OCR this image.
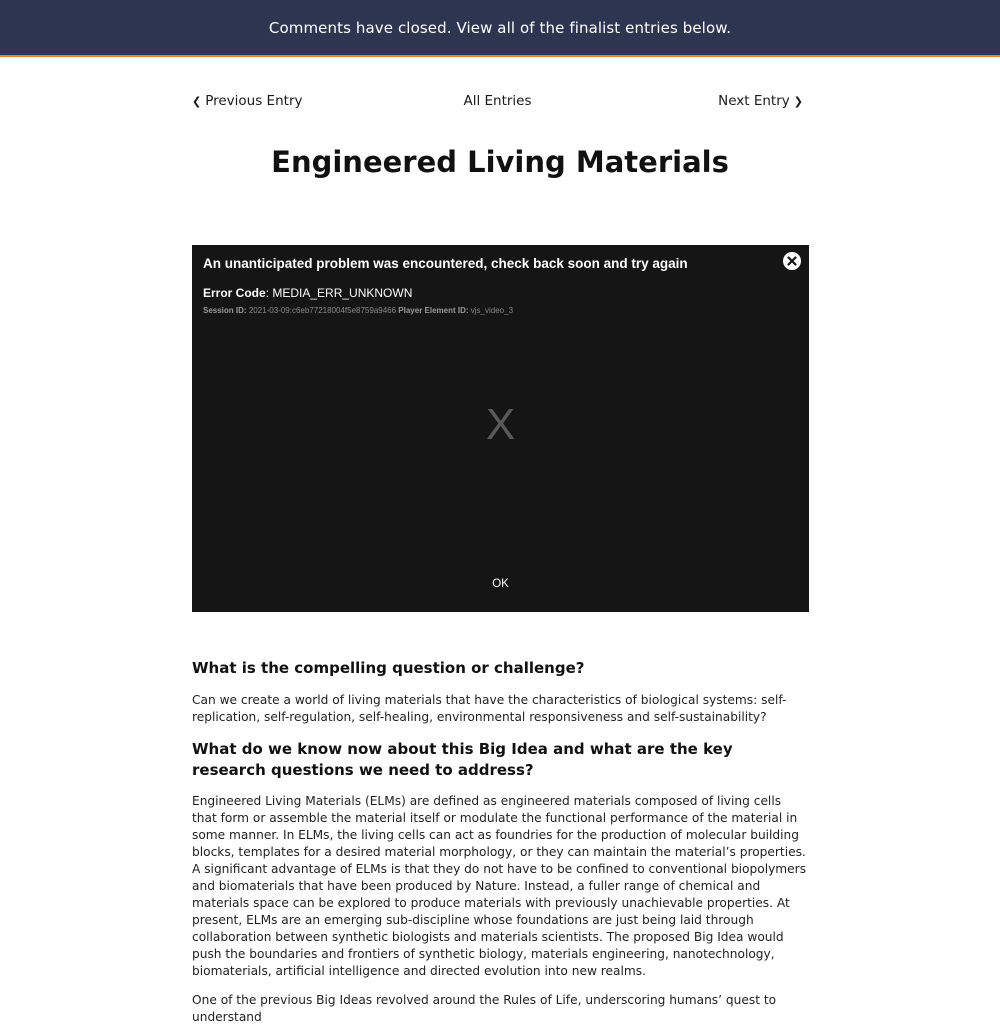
Comments have closed. View all of the finalist entries below.
❮ Previous Entry	All Entries	Next Entry ❯
Engineered Living Materials
An unanticipated problem was encountered, check back soon and try again
Error Code: MEDIA_ERR_UNKNOWN
Session ID: 2021-03-09:c6eb77218004f5e8759a9466 Player Element ID: vjs_video_3
X
OK
What is the compelling question or challenge?

Can we create a world of living materials that have the characteristics of biological systems: self-replication, self-regulation, self-healing, environmental responsiveness and self-sustainability?

What do we know now about this Big Idea and what are the key research questions we need to address?

Engineered Living Materials (ELMs) are defined as engineered materials composed of living cells that form or assemble the material itself or modulate the functional performance of the material in some manner. In ELMs, the living cells can act as foundries for the production of molecular building blocks, templates for a desired material morphology, or they can maintain the material’s properties. A significant advantage of ELMs is that they do not have to be confined to conventional biopolymers and biomaterials that have been produced by Nature. Instead, a fuller range of chemical and materials space can be explored to produce materials with previously unachievable properties. At present, ELMs are an emerging sub-discipline whose foundations are just being laid through collaboration between synthetic biologists and materials scientists. The proposed Big Idea would push the boundaries and frontiers of synthetic biology, materials engineering, nanotechnology, biomaterials, artificial intelligence and directed evolution into new realms.

One of the previous Big Ideas revolved around the Rules of Life, underscoring humans’ quest to understand
